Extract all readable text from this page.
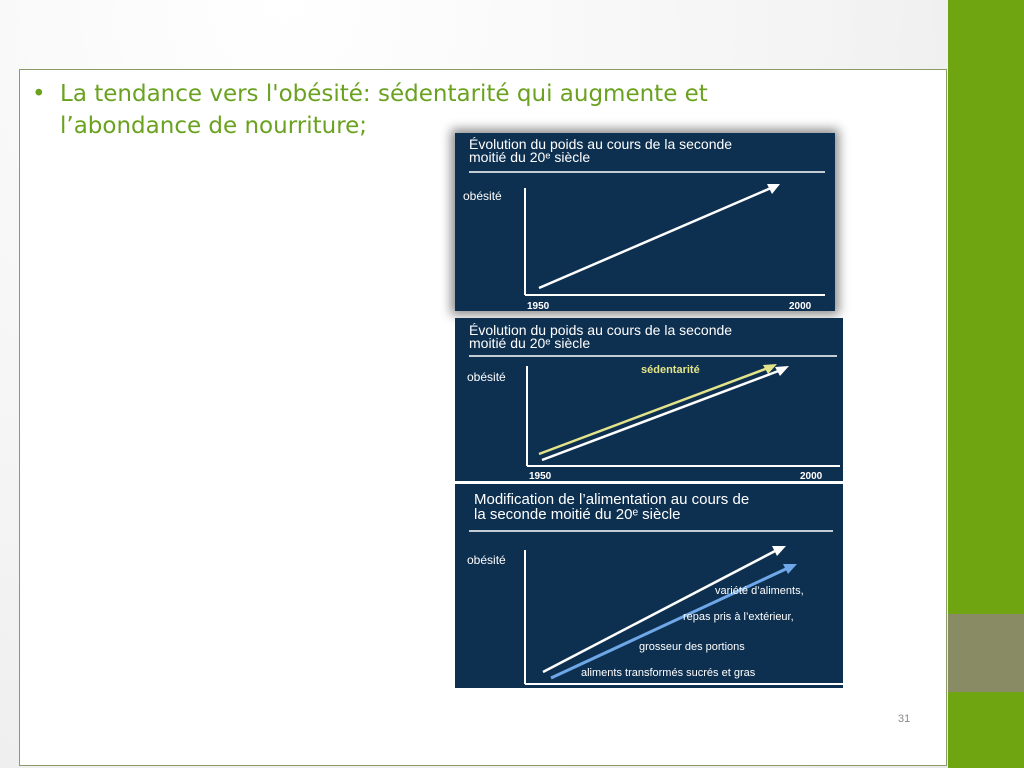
• La tendance vers l'obésité: sédentarité qui augmente et l’abondance de nourriture;
Évolution du poids au cours de la seconde
moitié du 20ᵉ siècle
obésité
1950	2000
Évolution du poids au cours de la seconde
moitié du 20ᵉ siècle
obésité	sédentarité
1950	2000
Modification de l’alimentation au cours de
la seconde moitié du 20ᵉ siècle
obésité
variété d’aliments,
repas pris à l’extérieur,
grosseur des portions
aliments transformés sucrés et gras
31
